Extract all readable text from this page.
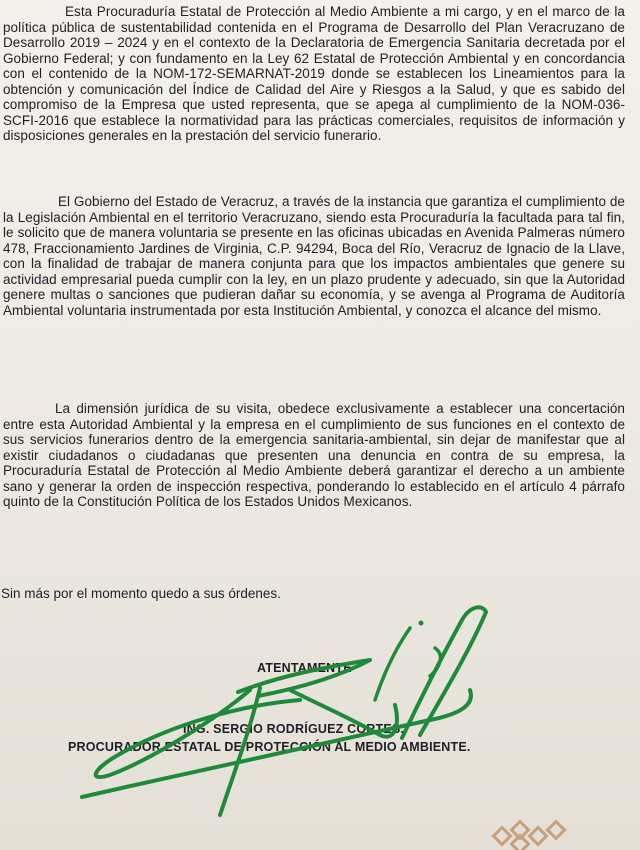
Esta Procuraduría Estatal de Protección al Medio Ambiente a mi cargo, y en el marco de la política pública de sustentabilidad contenida en el Programa de Desarrollo del Plan Veracruzano de Desarrollo 2019 – 2024 y en el contexto de la Declaratoria de Emergencia Sanitaria decretada por el Gobierno Federal; y con fundamento en la Ley 62 Estatal de Protección Ambiental y en concordancia con el contenido de la NOM-172-SEMARNAT-2019 donde se establecen los Lineamientos para la obtención y comunicación del Índice de Calidad del Aire y Riesgos a la Salud, y que es sabido del compromiso de la Empresa que usted representa, que se apega al cumplimiento de la NOM-036-SCFI-2016 que establece la normatividad para las prácticas comerciales, requisitos de información y disposiciones generales en la prestación del servicio funerario.

El Gobierno del Estado de Veracruz, a través de la instancia que garantiza el cumplimiento de la Legislación Ambiental en el territorio Veracruzano, siendo esta Procuraduría la facultada para tal fin, le solicito que de manera voluntaria se presente en las oficinas ubicadas en Avenida Palmeras número 478, Fraccionamiento Jardines de Virginia, C.P. 94294, Boca del Río, Veracruz de Ignacio de la Llave, con la finalidad de trabajar de manera conjunta para que los impactos ambientales que genere su actividad empresarial pueda cumplir con la ley, en un plazo prudente y adecuado, sin que la Autoridad genere multas o sanciones que pudieran dañar su economía, y se avenga al Programa de Auditoría Ambiental voluntaria instrumentada por esta Institución Ambiental, y conozca el alcance del mismo.

La dimensión jurídica de su visita, obedece exclusivamente a establecer una concertación entre esta Autoridad Ambiental y la empresa en el cumplimiento de sus funciones en el contexto de sus servicios funerarios dentro de la emergencia sanitaria-ambiental, sin dejar de manifestar que al existir ciudadanos o ciudadanas que presenten una denuncia en contra de su empresa, la Procuraduría Estatal de Protección al Medio Ambiente deberá garantizar el derecho a un ambiente sano y generar la orden de inspección respectiva, ponderando lo establecido en el artículo 4 párrafo quinto de la Constitución Política de los Estados Unidos Mexicanos.

Sin más por el momento quedo a sus órdenes.

ATENTAMENTE
ING. SERGIO RODRÍGUEZ CORTES.
PROCURADOR ESTATAL DE PROTECCIÓN AL MEDIO AMBIENTE.
